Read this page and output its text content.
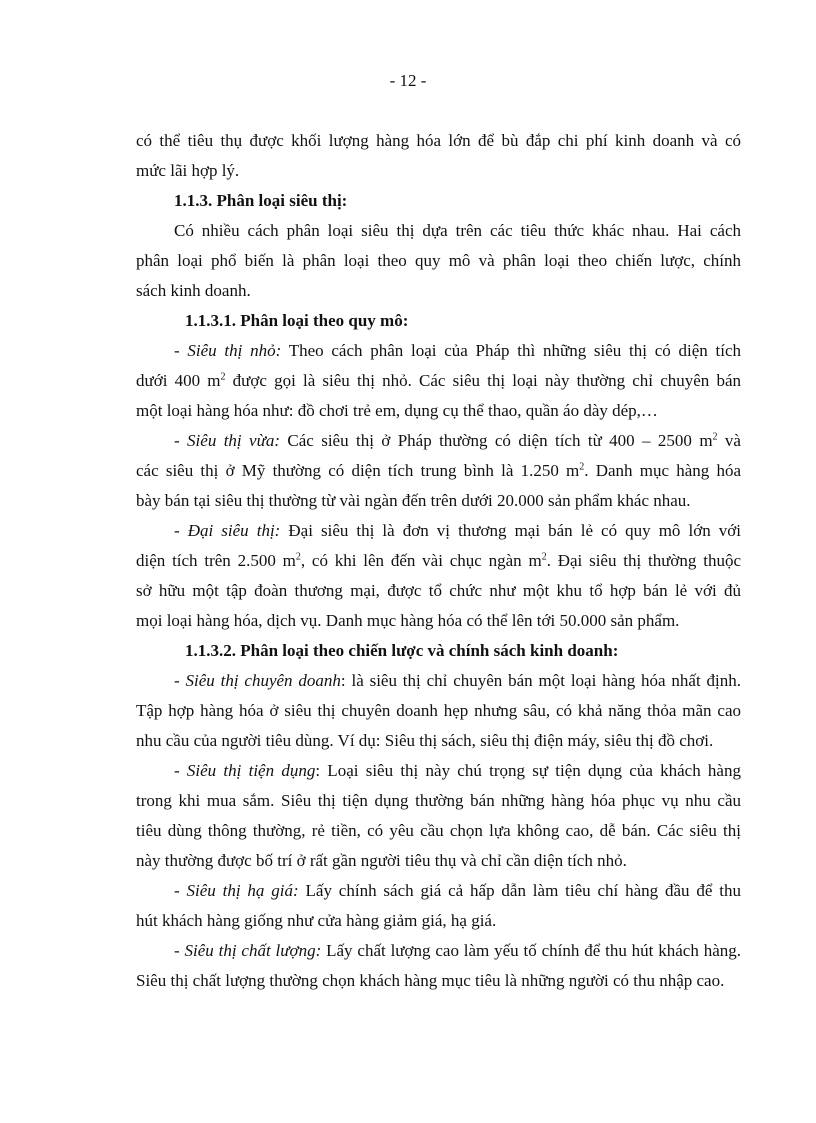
- 12 -

có thể tiêu thụ được khối lượng hàng hóa lớn để bù đắp chi phí kinh doanh và có

mức lãi hợp lý.

1.1.3. Phân loại siêu thị:

Có nhiều cách phân loại siêu thị dựa trên các tiêu thức khác nhau. Hai cách

phân loại phổ biến là phân loại theo quy mô và phân loại theo chiến lược, chính

sách kinh doanh.

1.1.3.1. Phân loại theo quy mô:

- Siêu thị nhỏ: Theo cách phân loại của Pháp thì những siêu thị có diện tích

dưới 400 $m^2$ được gọi là siêu thị nhỏ. Các siêu thị loại này thường chỉ chuyên bán

một loại hàng hóa như: đồ chơi trẻ em, dụng cụ thể thao, quần áo dày dép,…

- Siêu thị vừa: Các siêu thị ở Pháp thường có diện tích từ 400 – 2500 $m^2$ và

các siêu thị ở Mỹ thường có diện tích trung bình là 1.250 $m^2$. Danh mục hàng hóa

bày bán tại siêu thị thường từ vài ngàn đến trên dưới 20.000 sản phẩm khác nhau.

- Đại siêu thị: Đại siêu thị là đơn vị thương mại bán lẻ có quy mô lớn với

diện tích trên 2.500 $m^2$, có khi lên đến vài chục ngàn $m^2$. Đại siêu thị thường thuộc

sở hữu một tập đoàn thương mại, được tổ chức như một khu tổ hợp bán lẻ với đủ

mọi loại hàng hóa, dịch vụ. Danh mục hàng hóa có thể lên tới 50.000 sản phẩm.

1.1.3.2. Phân loại theo chiến lược và chính sách kinh doanh:

- Siêu thị chuyên doanh: là siêu thị chỉ chuyên bán một loại hàng hóa nhất định.

Tập hợp hàng hóa ở siêu thị chuyên doanh hẹp nhưng sâu, có khả năng thỏa mãn cao

nhu cầu của người tiêu dùng. Ví dụ: Siêu thị sách, siêu thị điện máy, siêu thị đồ chơi.

- Siêu thị tiện dụng: Loại siêu thị này chú trọng sự tiện dụng của khách hàng

trong khi mua sắm. Siêu thị tiện dụng thường bán những hàng hóa phục vụ nhu cầu

tiêu dùng thông thường, rẻ tiền, có yêu cầu chọn lựa không cao, dễ bán. Các siêu thị

này thường được bố trí ở rất gần người tiêu thụ và chỉ cần diện tích nhỏ.

- Siêu thị hạ giá: Lấy chính sách giá cả hấp dẫn làm tiêu chí hàng đầu để thu

hút khách hàng giống như cửa hàng giảm giá, hạ giá.

- Siêu thị chất lượng: Lấy chất lượng cao làm yếu tố chính để thu hút khách hàng.

Siêu thị chất lượng thường chọn khách hàng mục tiêu là những người có thu nhập cao.
